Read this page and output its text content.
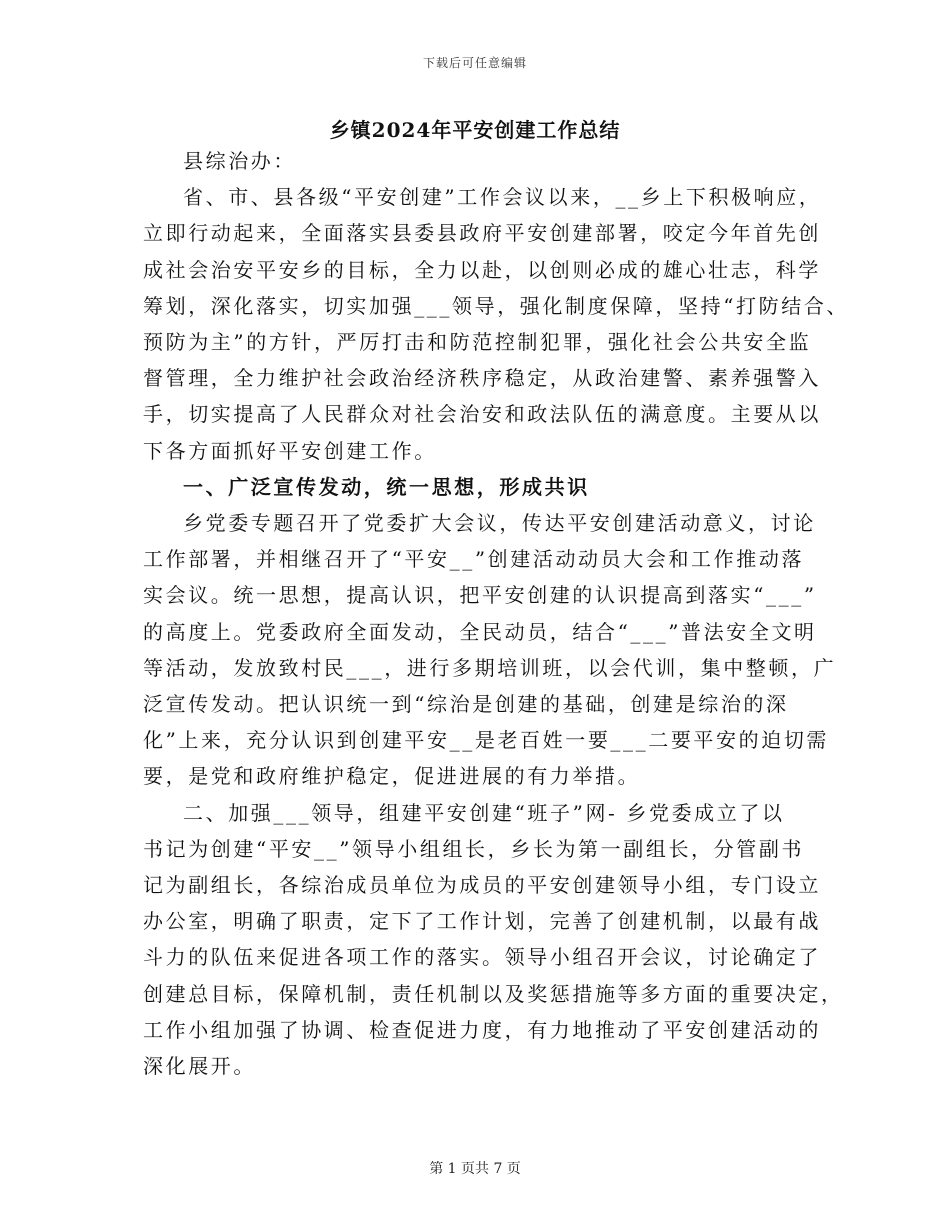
下载后可任意编辑
乡镇2024年平安创建工作总结

县综治办：

省、市、县各级“平安创建”工作会议以来，__乡上下积极响应，

立即行动起来，全面落实县委县政府平安创建部署，咬定今年首先创

成社会治安平安乡的目标，全力以赴，以创则必成的雄心壮志，科学

筹划，深化落实，切实加强___领导，强化制度保障，坚持“打防结合、

预防为主”的方针，严厉打击和防范控制犯罪，强化社会公共安全监

督管理，全力维护社会政治经济秩序稳定，从政治建警、素养强警入

手，切实提高了人民群众对社会治安和政法队伍的满意度。主要从以

下各方面抓好平安创建工作。

一、广泛宣传发动，统一思想，形成共识

乡党委专题召开了党委扩大会议，传达平安创建活动意义，讨论

工作部署，并相继召开了“平安__”创建活动动员大会和工作推动落

实会议。统一思想，提高认识，把平安创建的认识提高到落实“___”

的高度上。党委政府全面发动，全民动员，结合“___”普法安全文明

等活动，发放致村民___，进行多期培训班，以会代训，集中整顿，广

泛宣传发动。把认识统一到“综治是创建的基础，创建是综治的深

化”上来，充分认识到创建平安__是老百姓一要___二要平安的迫切需

要，是党和政府维护稳定，促进进展的有力举措。

二、加强___领导，组建平安创建“班子”网- 乡党委成立了以

书记为创建“平安__”领导小组组长，乡长为第一副组长，分管副书

记为副组长，各综治成员单位为成员的平安创建领导小组，专门设立

办公室，明确了职责，定下了工作计划，完善了创建机制，以最有战

斗力的队伍来促进各项工作的落实。领导小组召开会议，讨论确定了

创建总目标，保障机制，责任机制以及奖惩措施等多方面的重要决定，

工作小组加强了协调、检查促进力度，有力地推动了平安创建活动的

深化展开。

第 1 页共 7 页
